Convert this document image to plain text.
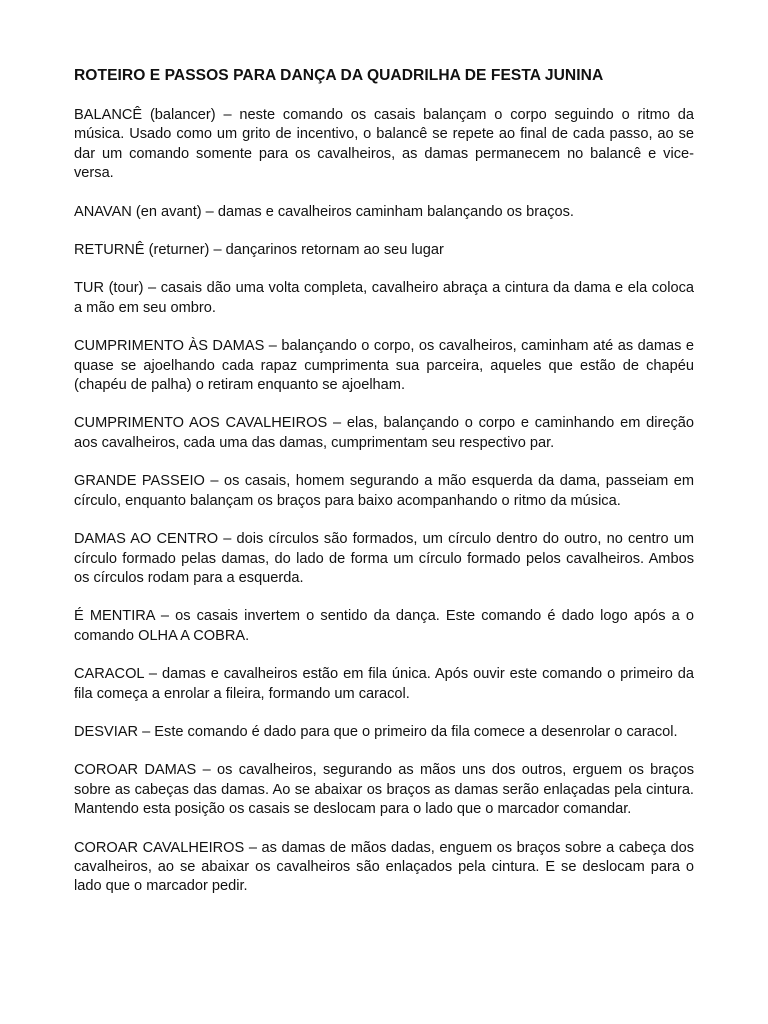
ROTEIRO E PASSOS PARA DANÇA DA QUADRILHA DE FESTA JUNINA

BALANCÊ (balancer) – neste comando os casais balançam o corpo seguindo o ritmo da música. Usado como um grito de incentivo, o balancê se repete ao final de cada passo, ao se dar um comando somente para os cavalheiros, as damas permanecem no balancê e vice-versa.

ANAVAN (en avant) – damas e cavalheiros caminham balançando os braços.

RETURNÊ (returner) – dançarinos retornam ao seu lugar

TUR (tour) – casais dão uma volta completa, cavalheiro abraça a cintura da dama e ela coloca a mão em seu ombro.

CUMPRIMENTO ÀS DAMAS – balançando o corpo, os cavalheiros, caminham até as damas e quase se ajoelhando cada rapaz cumprimenta sua parceira, aqueles que estão de chapéu (chapéu de palha) o retiram enquanto se ajoelham.

CUMPRIMENTO AOS CAVALHEIROS – elas, balançando o corpo e caminhando em direção aos cavalheiros, cada uma das damas, cumprimentam seu respectivo par.

GRANDE PASSEIO – os casais, homem segurando a mão esquerda da dama, passeiam em círculo, enquanto balançam os braços para baixo acompanhando o ritmo da música.

DAMAS AO CENTRO – dois círculos são formados, um círculo dentro do outro, no centro um círculo formado pelas damas, do lado de forma um círculo formado pelos cavalheiros. Ambos os círculos rodam para a esquerda.

É MENTIRA – os casais invertem o sentido da dança. Este comando é dado logo após a o comando OLHA A COBRA.

CARACOL – damas e cavalheiros estão em fila única. Após ouvir este comando o primeiro da fila começa a enrolar a fileira, formando um caracol.

DESVIAR – Este comando é dado para que o primeiro da fila comece a desenrolar o caracol.

COROAR DAMAS – os cavalheiros, segurando as mãos uns dos outros, erguem os braços sobre as cabeças das damas. Ao se abaixar os braços as damas serão enlaçadas pela cintura. Mantendo esta posição os casais se deslocam para o lado que o marcador comandar.

COROAR CAVALHEIROS – as damas de mãos dadas, enguem os braços sobre a cabeça dos cavalheiros, ao se abaixar os cavalheiros são enlaçados pela cintura. E se deslocam para o lado que o marcador pedir.
